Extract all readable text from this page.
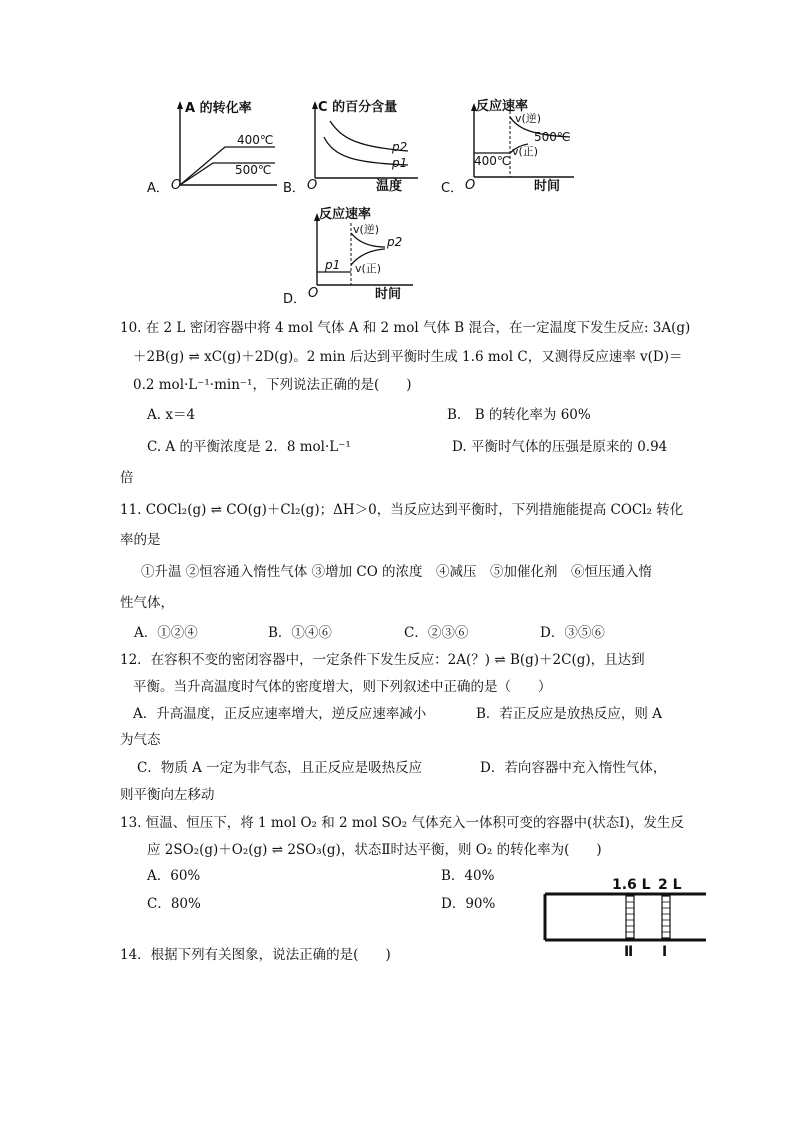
A．
A 的转化率
400℃
500℃
O	B．
C 的百分含量
p2
p1
O	温度	C．
反应速率
v(逆)
500℃
v(正)
400℃
O	时间
D．
反应速率
v(逆)
p2
p1 v(正)
O	时间
10. 在 2 L 密闭容器中将 4 mol 气体 A 和 2 mol 气体 B 混合，在一定温度下发生反应: 3A(g)
＋2B(g) ⇌ xC(g)＋2D(g)。2 min 后达到平衡时生成 1.6 mol C，又测得反应速率 v(D)＝
0.2 mol·L⁻¹·min⁻¹，下列说法正确的是(　　)
A. x＝4	B.　B 的转化率为 60%
C. A 的平衡浓度是 2．8 mol·L⁻¹	D. 平衡时气体的压强是原来的 0.94
倍
11. COCl₂(g) ⇌ CO(g)＋Cl₂(g)；ΔH＞0，当反应达到平衡时，下列措施能提高 COCl₂ 转化
率的是
①升温 ②恒容通入惰性气体 ③增加 CO 的浓度　④减压　⑤加催化剂　⑥恒压通入惰
性气体，
A．①②④	B．①④⑥	C．②③⑥	D．③⑤⑥
12．在容积不变的密闭容器中，一定条件下发生反应：2A(？) ⇌ B(g)＋2C(g)，且达到
平衡。当升高温度时气体的密度增大，则下列叙述中正确的是（　　）
A．升高温度，正反应速率增大，逆反应速率减小	B．若正反应是放热反应，则 A
为气态
C．物质 A 一定为非气态，且正反应是吸热反应	D．若向容器中充入惰性气体，
则平衡向左移动
13. 恒温、恒压下，将 1 mol O₂ 和 2 mol SO₂ 气体充入一体积可变的容器中(状态Ⅰ)，发生反
应 2SO₂(g)＋O₂(g) ⇌ 2SO₃(g)，状态Ⅱ时达平衡，则 O₂ 的转化率为(　　)
A．60%	B．40%
C．80%	D．90%
1.6 L 2 L
Ⅱ Ⅰ
14．根据下列有关图象，说法正确的是(　　)
